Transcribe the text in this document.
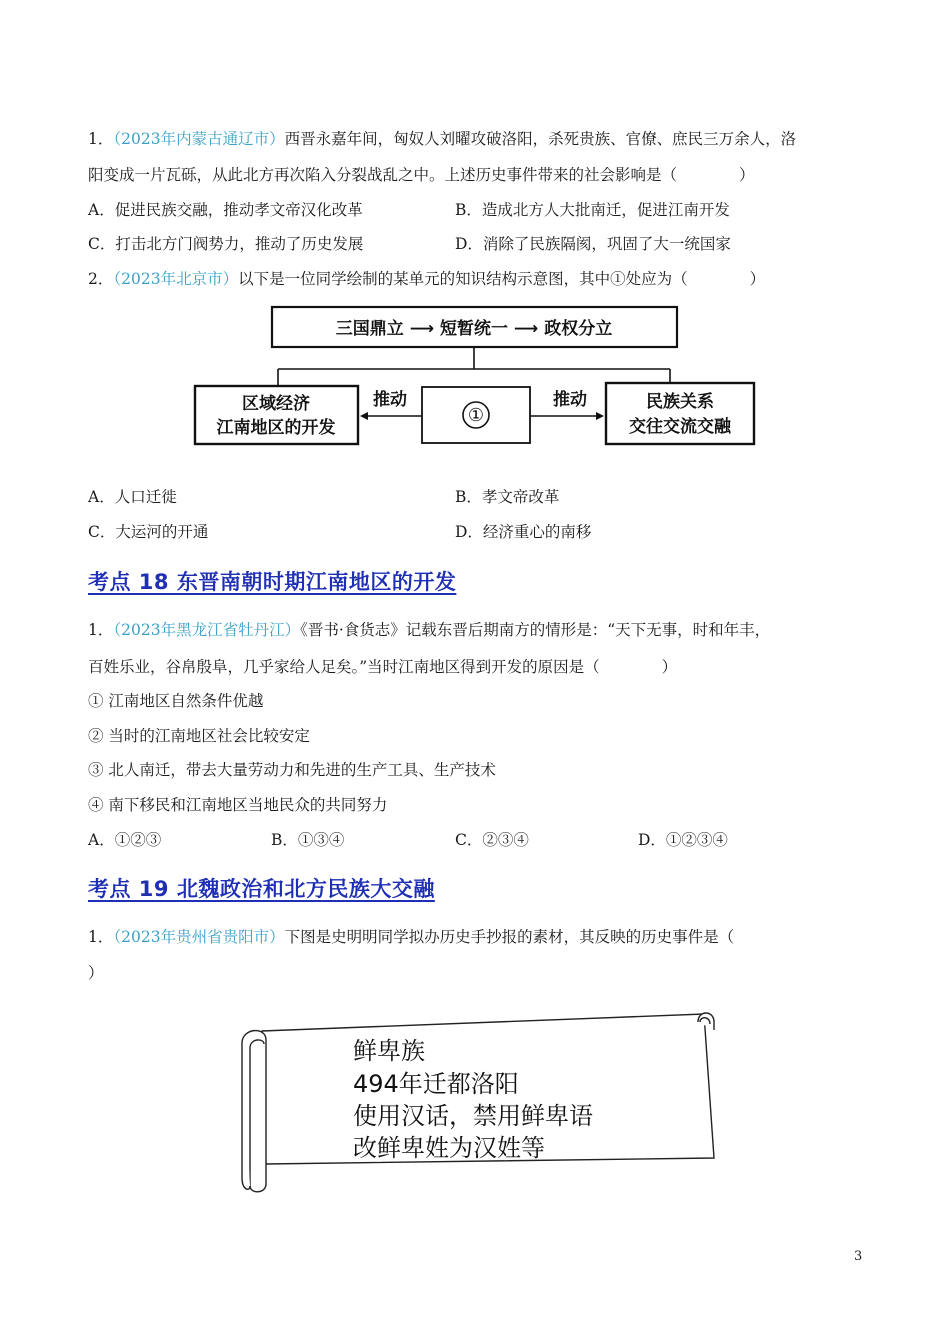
1．（2023年内蒙古通辽市）西晋永嘉年间，匈奴人刘曜攻破洛阳，杀死贵族、官僚、庶民三万余人，洛
阳变成一片瓦砾，从此北方再次陷入分裂战乱之中。上述历史事件带来的社会影响是（　　　　）
A．促进民族交融，推动孝文帝汉化改革	B．造成北方人大批南迁，促进江南开发
C．打击北方门阀势力，推动了历史发展	D．消除了民族隔阂，巩固了大一统国家
2．（2023年北京市）以下是一位同学绘制的某单元的知识结构示意图，其中①处应为（　　　　）
三国鼎立 ⟶ 短暂统一 ⟶ 政权分立
区域经济
江南地区的开发
民族关系
交往交流交融
推动	推动
①
A．人口迁徙	B．孝文帝改革
C．大运河的开通	D．经济重心的南移
考点 18 东晋南朝时期江南地区的开发
1．（2023年黑龙江省牡丹江）《晋书·食货志》记载东晋后期南方的情形是：“天下无事，时和年丰，
百姓乐业，谷帛殷阜，几乎家给人足矣。”当时江南地区得到开发的原因是（　　　　）
① 江南地区自然条件优越
② 当时的江南地区社会比较安定
③ 北人南迁，带去大量劳动力和先进的生产工具、生产技术
④ 南下移民和江南地区当地民众的共同努力
A．①②③	B．①③④	C．②③④	D．①②③④
考点 19 北魏政治和北方民族大交融
1．（2023年贵州省贵阳市）下图是史明明同学拟办历史手抄报的素材，其反映的历史事件是（
）
鲜卑族
494年迁都洛阳
使用汉话，禁用鲜卑语
改鲜卑姓为汉姓等
3
